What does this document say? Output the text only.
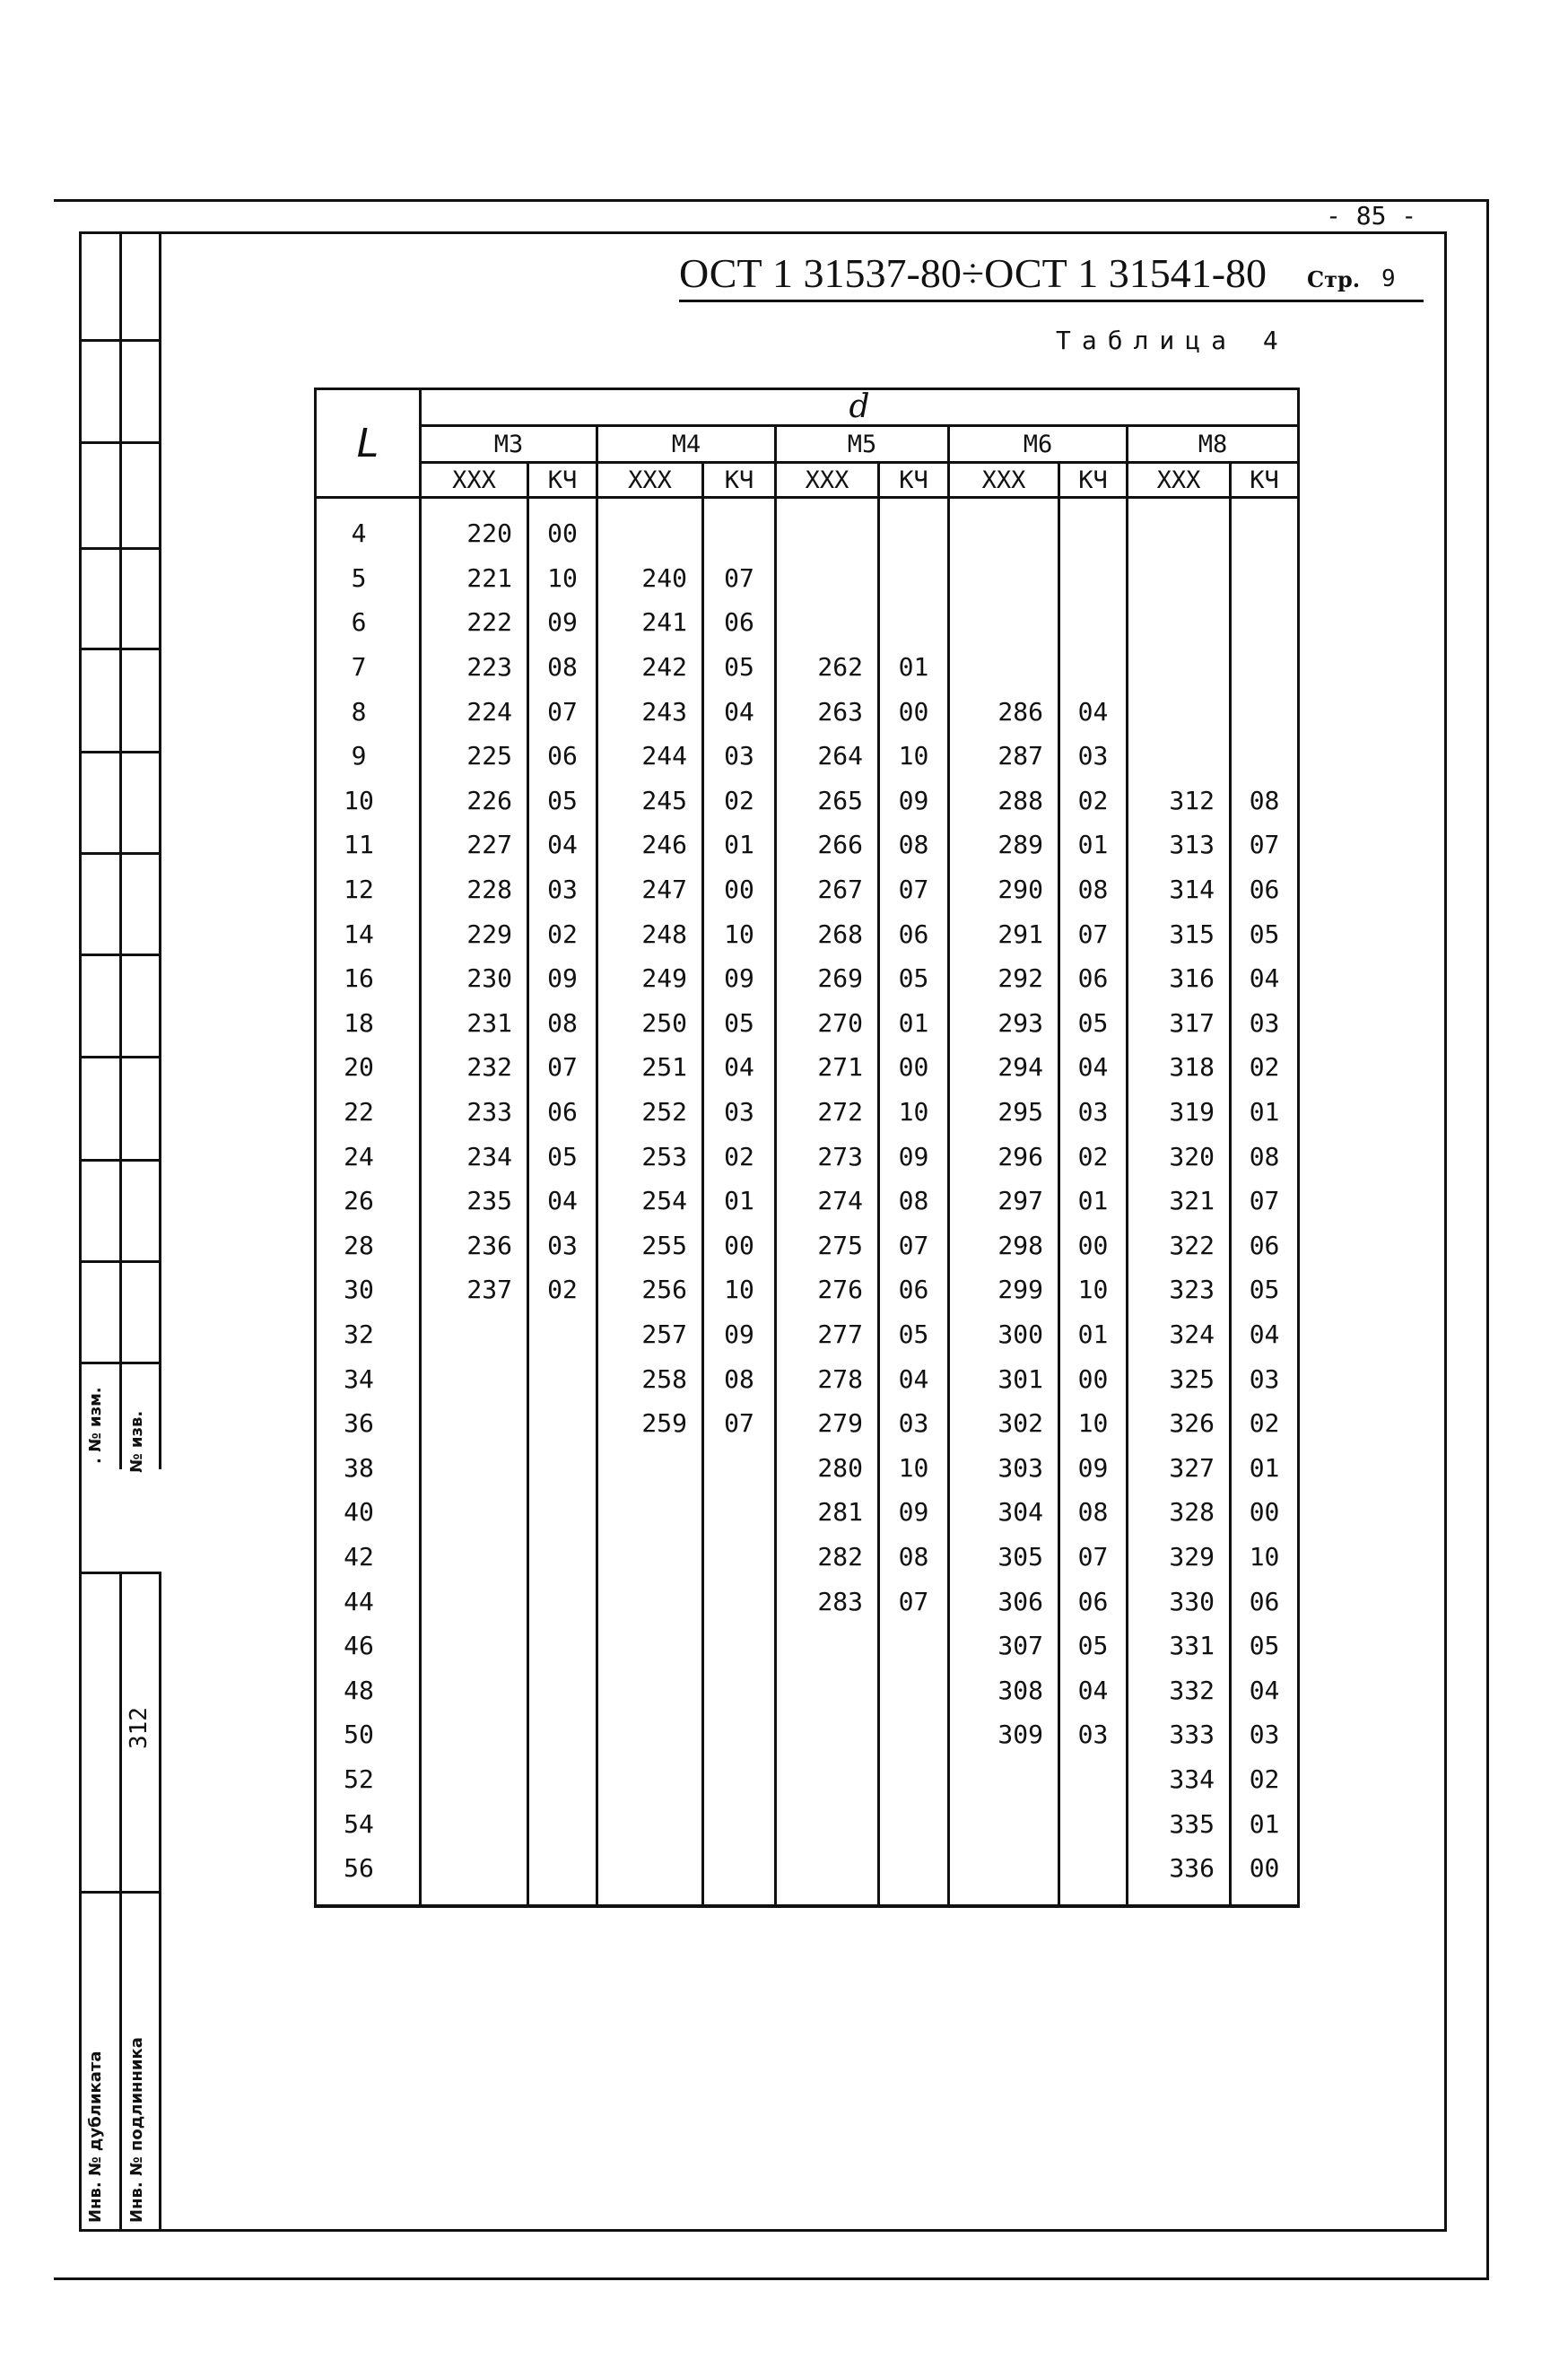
. № изм. № изв.
312
Инв. № дубликата Инв. № подлинника
- 85 -
ОСТ 1 31537-80÷ОСТ 1 31541-80 Стр. 9
Таблица 4
L	d									
	М3		М4		М5		М6		М8	
	ХХХ	КЧ	ХХХ	КЧ	ХХХ	КЧ	ХХХ	КЧ	ХХХ	КЧ
4	220	00								
5	221	10	240	07						
6	222	09	241	06						
7	223	08	242	05	262	01				
8	224	07	243	04	263	00	286	04		
9	225	06	244	03	264	10	287	03		
10	226	05	245	02	265	09	288	02	312	08
11	227	04	246	01	266	08	289	01	313	07
12	228	03	247	00	267	07	290	08	314	06
14	229	02	248	10	268	06	291	07	315	05
16	230	09	249	09	269	05	292	06	316	04
18	231	08	250	05	270	01	293	05	317	03
20	232	07	251	04	271	00	294	04	318	02
22	233	06	252	03	272	10	295	03	319	01
24	234	05	253	02	273	09	296	02	320	08
26	235	04	254	01	274	08	297	01	321	07
28	236	03	255	00	275	07	298	00	322	06
30	237	02	256	10	276	06	299	10	323	05
32			257	09	277	05	300	01	324	04
34			258	08	278	04	301	00	325	03
36			259	07	279	03	302	10	326	02
38					280	10	303	09	327	01
40					281	09	304	08	328	00
42					282	08	305	07	329	10
44					283	07	306	06	330	06
46							307	05	331	05
48							308	04	332	04
50							309	03	333	03
52									334	02
54									335	01
56									336	00
